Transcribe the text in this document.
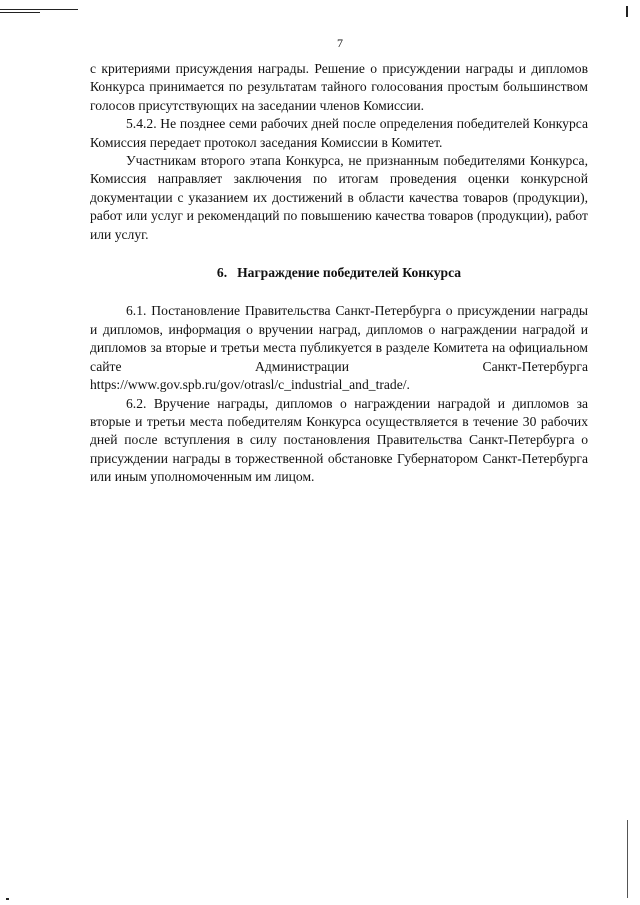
7

с критериями присуждения награды. Решение о присуждении награды и дипломов Конкурса принимается по результатам тайного голосования простым большинством голосов присутствующих на заседании членов Комиссии.

5.4.2. Не позднее семи рабочих дней после определения победителей Конкурса Комиссия передает протокол заседания Комиссии в Комитет.

Участникам второго этапа Конкурса, не признанным победителями Конкурса, Комиссия направляет заключения по итогам проведения оценки конкурсной документации с указанием их достижений в области качества товаров (продукции), работ или услуг и рекомендаций по повышению качества товаров (продукции), работ или услуг.

6. Награждение победителей Конкурса

6.1. Постановление Правительства Санкт-Петербурга о присуждении награды и дипломов, информация о вручении наград, дипломов о награждении наградой и дипломов за вторые и третьи места публикуется в разделе Комитета на официальном сайте Администрации Санкт-Петербурга https://www.gov.spb.ru/gov/otrasl/c_industrial_and_trade/.

6.2. Вручение награды, дипломов о награждении наградой и дипломов за вторые и третьи места победителям Конкурса осуществляется в течение 30 рабочих дней после вступления в силу постановления Правительства Санкт-Петербурга о присуждении награды в торжественной обстановке Губернатором Санкт-Петербурга или иным уполномоченным им лицом.
